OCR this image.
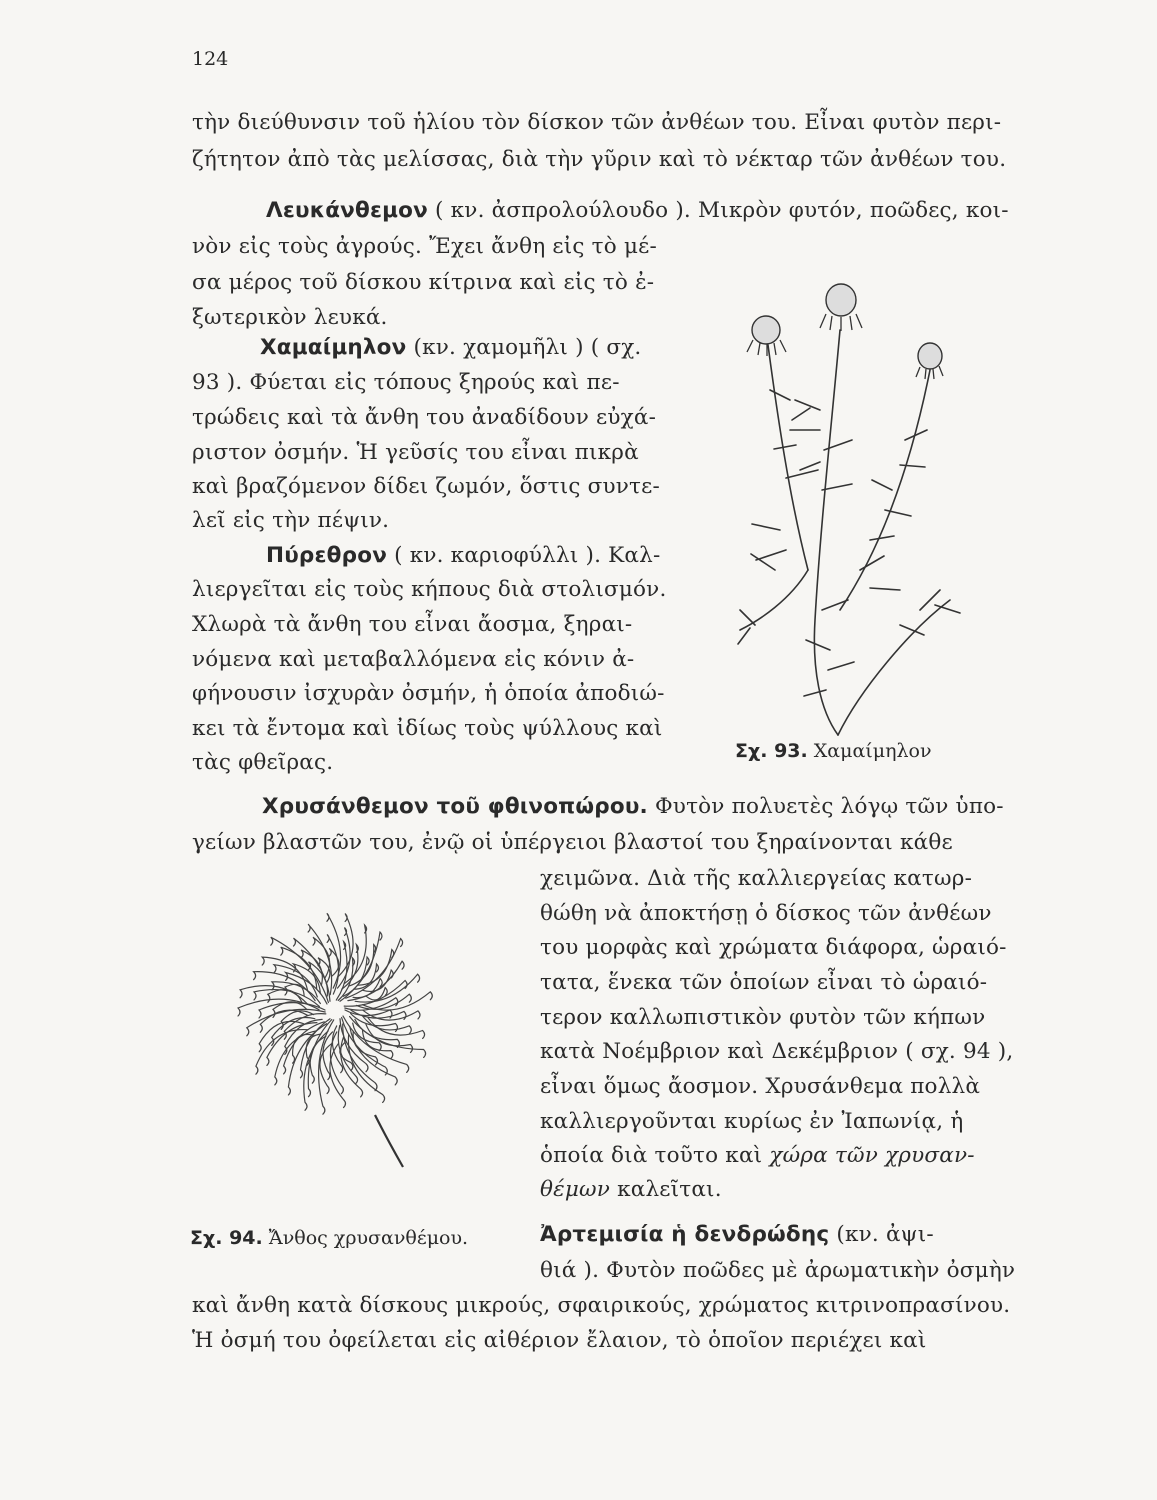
124
τὴν διεύθυνσιν τοῦ ἡλίου τὸν δίσκον τῶν ἀνθέων του. Εἶναι φυτὸν περι-
ζήτητον ἀπὸ τὰς μελίσσας, διὰ τὴν γῦριν καὶ τὸ νέκταρ τῶν ἀνθέων του.
Λευκάνθεμον ( κν. ἀσπρολούλουδο ). Μικρὸν φυτόν, ποῶδες, κοι-
νὸν εἰς τοὺς ἀγρούς. Ἔχει ἄνθη εἰς τὸ μέ-
σα μέρος τοῦ δίσκου κίτρινα καὶ εἰς τὸ ἐ-
ξωτερικὸν λευκά.
Χαμαίμηλον (κν. χαμομῆλι ) ( σχ.
93 ). Φύεται εἰς τόπους ξηρούς καὶ πε-
τρώδεις καὶ τὰ ἄνθη του ἀναδίδουν εὐχά-
ριστον ὀσμήν. Ἡ γεῦσίς του εἶναι πικρὰ
καὶ βραζόμενον δίδει ζωμόν, ὅστις συντε-
λεῖ εἰς τὴν πέψιν.
Πύρεθρον ( κν. καριοφύλλι ). Καλ-
λιεργεῖται εἰς τοὺς κήπους διὰ στολισμόν.
Χλωρὰ τὰ ἄνθη του εἶναι ἄοσμα, ξηραι-
νόμενα καὶ μεταβαλλόμενα εἰς κόνιν ἀ-
φήνουσιν ἰσχυρὰν ὀσμήν, ἡ ὁποία ἀποδιώ-
κει τὰ ἔντομα καὶ ἰδίως τοὺς ψύλλους καὶ
τὰς φθεῖρας.	Σχ. 93. Χαμαίμηλον
Χρυσάνθεμον τοῦ φθινοπώρου. Φυτὸν πολυετὲς λόγῳ τῶν ὑπο-
γείων βλαστῶν του, ἐνῷ οἱ ὑπέργειοι βλαστοί του ξηραίνονται κάθε
χειμῶνα. Διὰ τῆς καλλιεργείας κατωρ-
θώθη νὰ ἀποκτήσῃ ὁ δίσκος τῶν ἀνθέων
του μορφὰς καὶ χρώματα διάφορα, ὡραιό-
τατα, ἕνεκα τῶν ὁποίων εἶναι τὸ ὡραιό-
τερον καλλωπιστικὸν φυτὸν τῶν κήπων
κατὰ Νοέμβριον καὶ Δεκέμβριον ( σχ. 94 ),
εἶναι ὅμως ἄοσμον. Χρυσάνθεμα πολλὰ
καλλιεργοῦνται κυρίως ἐν Ἰαπωνίᾳ, ἡ
ὁποία διὰ τοῦτο καὶ χώρα τῶν χρυσαν-
θέμων καλεῖται.
Σχ. 94. Ἄνθος χρυσανθέμου.	Ἀρτεμισία ἡ δενδρώδης (κν. ἀψι-
θιά ). Φυτὸν ποῶδες μὲ ἀρωματικὴν ὀσμὴν
καὶ ἄνθη κατὰ δίσκους μικρούς, σφαιρικούς, χρώματος κιτρινοπρασίνου.
Ἡ ὀσμή του ὀφείλεται εἰς αἰθέριον ἔλαιον, τὸ ὁποῖον περιέχει καὶ
